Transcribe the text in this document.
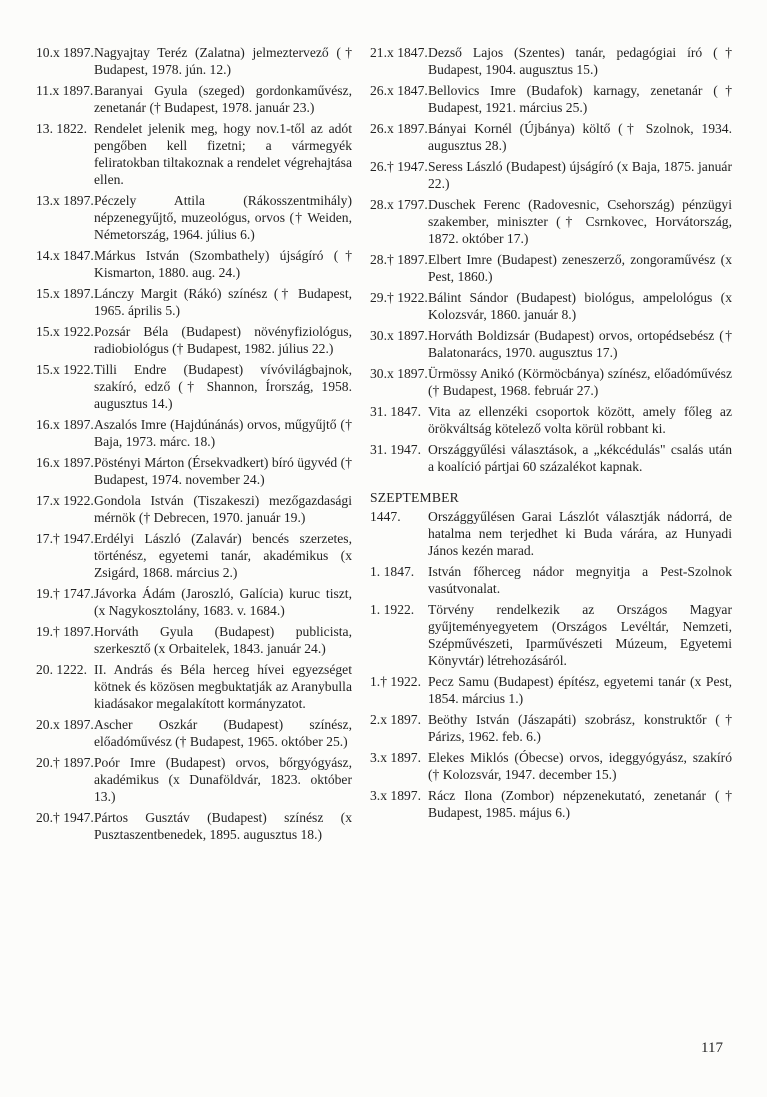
10.x 1897. Nagyajtay Teréz (Zalatna) jelmeztervező († Budapest, 1978. jún. 12.)
11.x 1897. Baranyai Gyula (szeged) gordonkaművész, zenetanár († Budapest, 1978. január 23.)
13. 1822. Rendelet jelenik meg, hogy nov.1-től az adót pengőben kell fizetni; a vármegyék feliratokban tiltakoznak a rendelet végrehajtása ellen.
13.x 1897. Péczely Attila (Rákosszentmihály) népzenegyűjtő, muzeológus, orvos († Weiden, Németország, 1964. július 6.)
14.x 1847. Márkus István (Szombathely) újságíró († Kismarton, 1880. aug. 24.)
15.x 1897. Lánczy Margit (Rákó) színész († Budapest, 1965. április 5.)
15.x 1922. Pozsár Béla (Budapest) növényfiziológus, radiobiológus († Budapest, 1982. július 22.)
15.x 1922. Tilli Endre (Budapest) vívóvilágbajnok, szakíró, edző († Shannon, Írország, 1958. augusztus 14.)
16.x 1897. Aszalós Imre (Hajdúnánás) orvos, műgyűjtő († Baja, 1973. márc. 18.)
16.x 1897. Pöstényi Márton (Érsekvadkert) bíró ügyvéd († Budapest, 1974. november 24.)
17.x 1922. Gondola István (Tiszakeszi) mezőgazdasági mérnök († Debrecen, 1970. január 19.)
17.† 1947. Erdélyi László (Zalavár) bencés szerzetes, történész, egyetemi tanár, akadémikus (x Zsigárd, 1868. március 2.)
19.† 1747. Jávorka Ádám (Jaroszló, Galícia) kuruc tiszt, (x Nagykosztolány, 1683. v. 1684.)
19.† 1897. Horváth Gyula (Budapest) publicista, szerkesztő (x Orbaitelek, 1843. január 24.)
20. 1222. II. András és Béla herceg hívei egyezséget kötnek és közösen megbuktatják az Aranybulla kiadásakor megalakított kormányzatot.
20.x 1897. Ascher Oszkár (Budapest) színész, előadóművész († Budapest, 1965. október 25.)
20.† 1897. Poór Imre (Budapest) orvos, bőrgyógyász, akadémikus (x Dunaföldvár, 1823. október 13.)
20.† 1947. Pártos Gusztáv (Budapest) színész (x Pusztaszentbenedek, 1895. augusztus 18.)
21.x 1847. Dezső Lajos (Szentes) tanár, pedagógiai író († Budapest, 1904. augusztus 15.)
26.x 1847. Bellovics Imre (Budafok) karnagy, zenetanár († Budapest, 1921. március 25.)
26.x 1897. Bányai Kornél (Újbánya) költő († Szolnok, 1934. augusztus 28.)
26.† 1947. Seress László (Budapest) újságíró (x Baja, 1875. január 22.)
28.x 1797. Duschek Ferenc (Radovesnic, Csehország) pénzügyi szakember, miniszter († Csrnkovec, Horvátország, 1872. október 17.)
28.† 1897. Elbert Imre (Budapest) zeneszerző, zongoraművész (x Pest, 1860.)
29.† 1922. Bálint Sándor (Budapest) biológus, ampelológus (x Kolozsvár, 1860. január 8.)
30.x 1897. Horváth Boldizsár (Budapest) orvos, ortopédsebész († Balatonarács, 1970. augusztus 17.)
30.x 1897. Ürmössy Anikó (Körmöcbánya) színész, előadóművész († Budapest, 1968. február 27.)
31. 1847. Vita az ellenzéki csoportok között, amely főleg az örökváltság kötelező volta körül robbant ki.
31. 1947. Országgyűlési választások, a „kékcédulás" csalás után a koalíció pártjai 60 százalékot kapnak.
SZEPTEMBER
1447.	Országgyűlésen Garai Lászlót választják nádorrá, de hatalma nem terjedhet ki Buda várára, az Hunyadi János kezén marad.
1. 1847.	István főherceg nádor megnyitja a Pest-Szolnok vasútvonalat.
1. 1922.	Törvény rendelkezik az Országos Magyar gyűjteményegyetem (Országos Levéltár, Nemzeti, Szépművészeti, Iparművészeti Múzeum, Egyetemi Könyvtár) létrehozásáról.
1.† 1922. Pecz Samu (Budapest) építész, egyetemi tanár (x Pest, 1854. március 1.)
2.x 1897. Beöthy István (Jászapáti) szobrász, konstruktőr († Párizs, 1962. feb. 6.)
3.x 1897. Elekes Miklós (Óbecse) orvos, ideggyógyász, szakíró († Kolozsvár, 1947. december 15.)
3.x 1897. Rácz Ilona (Zombor) népzenekutató, zenetanár († Budapest, 1985. május 6.)
117
